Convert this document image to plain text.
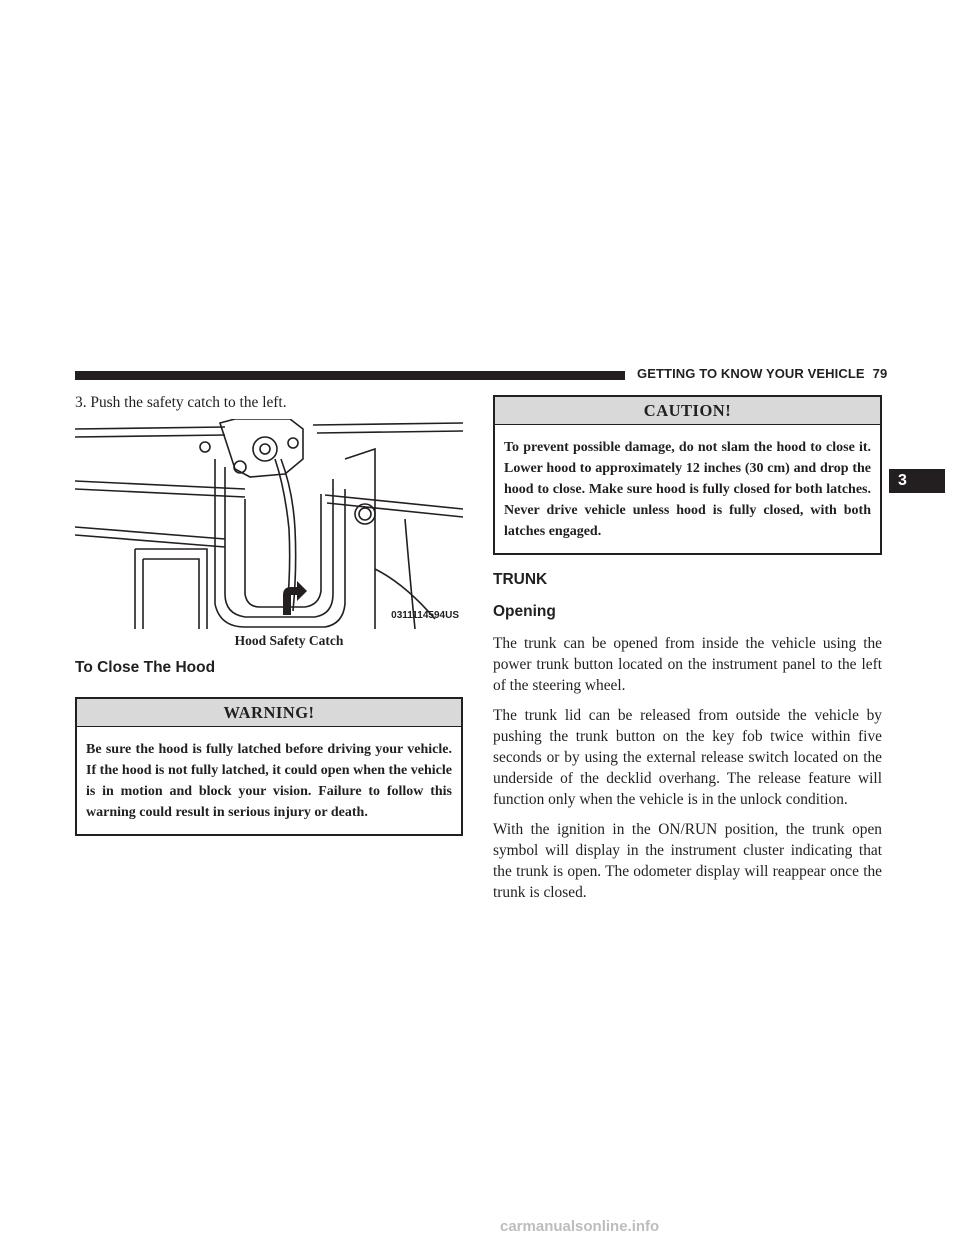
GETTING TO KNOW YOUR VEHICLE 79
3

3. Push the safety catch to the left.

0311114594US
Hood Safety Catch
To Close The Hood
WARNING!
Be sure the hood is fully latched before driving your vehicle. If the hood is not fully latched, it could open when the vehicle is in motion and block your vision. Failure to follow this warning could result in serious injury or death.
CAUTION!
To prevent possible damage, do not slam the hood to close it. Lower hood to approximately 12 inches (30 cm) and drop the hood to close. Make sure hood is fully closed for both latches. Never drive vehicle unless hood is fully closed, with both latches engaged.
TRUNK
Opening

The trunk can be opened from inside the vehicle using the power trunk button located on the instrument panel to the left of the steering wheel.

The trunk lid can be released from outside the vehicle by pushing the trunk button on the key fob twice within five seconds or by using the external release switch located on the underside of the decklid overhang. The release feature will function only when the vehicle is in the unlock condition.

With the ignition in the ON/RUN position, the trunk open symbol will display in the instrument cluster indicating that the trunk is open. The odometer display will reappear once the trunk is closed.

carmanualsonline.info
